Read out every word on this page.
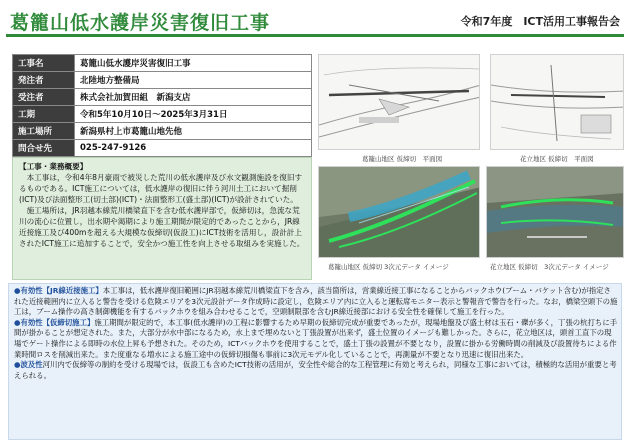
葛籠山低水護岸災害復旧工事	令和7年度　ICT活用工事報告会
工事名	葛籠山低水護岸災害復旧工事
発注者	北陸地方整備局
受注者	株式会社加賀田組　新潟支店
工期	令和5年10月10日～2025年3月31日
施工場所	新潟県村上市葛籠山地先他
問合せ先	025-247-9126
【工事・業務概要】

本工事は，令和4年8月豪雨で被災した荒川の低水護岸及び水文観測施設を復旧するものである。ICT施工については，低水護岸の復旧に伴う河川土工において掘削(ICT)及び法面整形工(切土部)(ICT)・法面整形工(盛土部)(ICT)が設計されていた。

施工場所は，JR羽越本線荒川橋梁直下を含む低水護岸部で，仮締切は，急流な荒川の流心に位置し，出水期や渇期により施工期間が限定的であったことから，JR線近接施工及び400mを超える大規模な仮締切(仮設工)にICT技術を活用し，設計計上されたICT施工に追加することで，安全かつ施工性を向上させる取組みを実施した。

葛籠山地区 仮締切　平面図	花立地区 仮締切　平面図
葛籠山地区 仮締切 3次元データ イメージ	花立地区 仮締切　3次元データ イメージ
●有効性【JR線近接施工】本工事は，低水護岸復旧範囲にJR羽越本線荒川橋梁直下を含み，該当箇所は，営業線近接工事になることからバックホウ(ブーム・バケット含む)が指定された近接範囲内に立入ると警告を受ける危険エリアを3次元設計データ作成時に設定し，危険エリア内に立入ると運転席モニター表示と警報音で警告を行った。なお，橋梁空頭下の施工は，ブーム操作の高さ制御機能を有するバックホウを組み合わせることで，空頭制限部を含むJR線近接部における安全性を確保して施工を行った。
●有効性【仮締切施工】施工期間が限定的で，本工事(低水護岸)の工程に影響するため早期の仮締切完成が重要であったが，現場地盤及び盛土材は玉石・礫が多く，丁張の杭打ちに手間が掛かることが想定された。また，大部分が水中部になるため，水上まで埋めないと丁張設置が出来ず，盛土位置のイメージも難しかった。さらに，花立地区は，頭首工直下の現場でゲート操作による即時の水位上昇も予想された。そのため，ICTバックホウを使用することで，盛土丁張の設置が不要となり，設置に掛かる労働時間の削減及び設置待ちによる作業時間ロスを削減出来た。また度重なる増水による施工途中の仮締切損傷も事前に3次元モデル化していることで，再測量が不要となり迅速に復旧出来た。
●波及性河川内で仮締等の制約を受ける現場では，仮設工も含めたICT技術の活用が，安全性や総合的な工程管理に有効と考えられ，同様な工事においては，積極的な活用が重要と考えられる。
